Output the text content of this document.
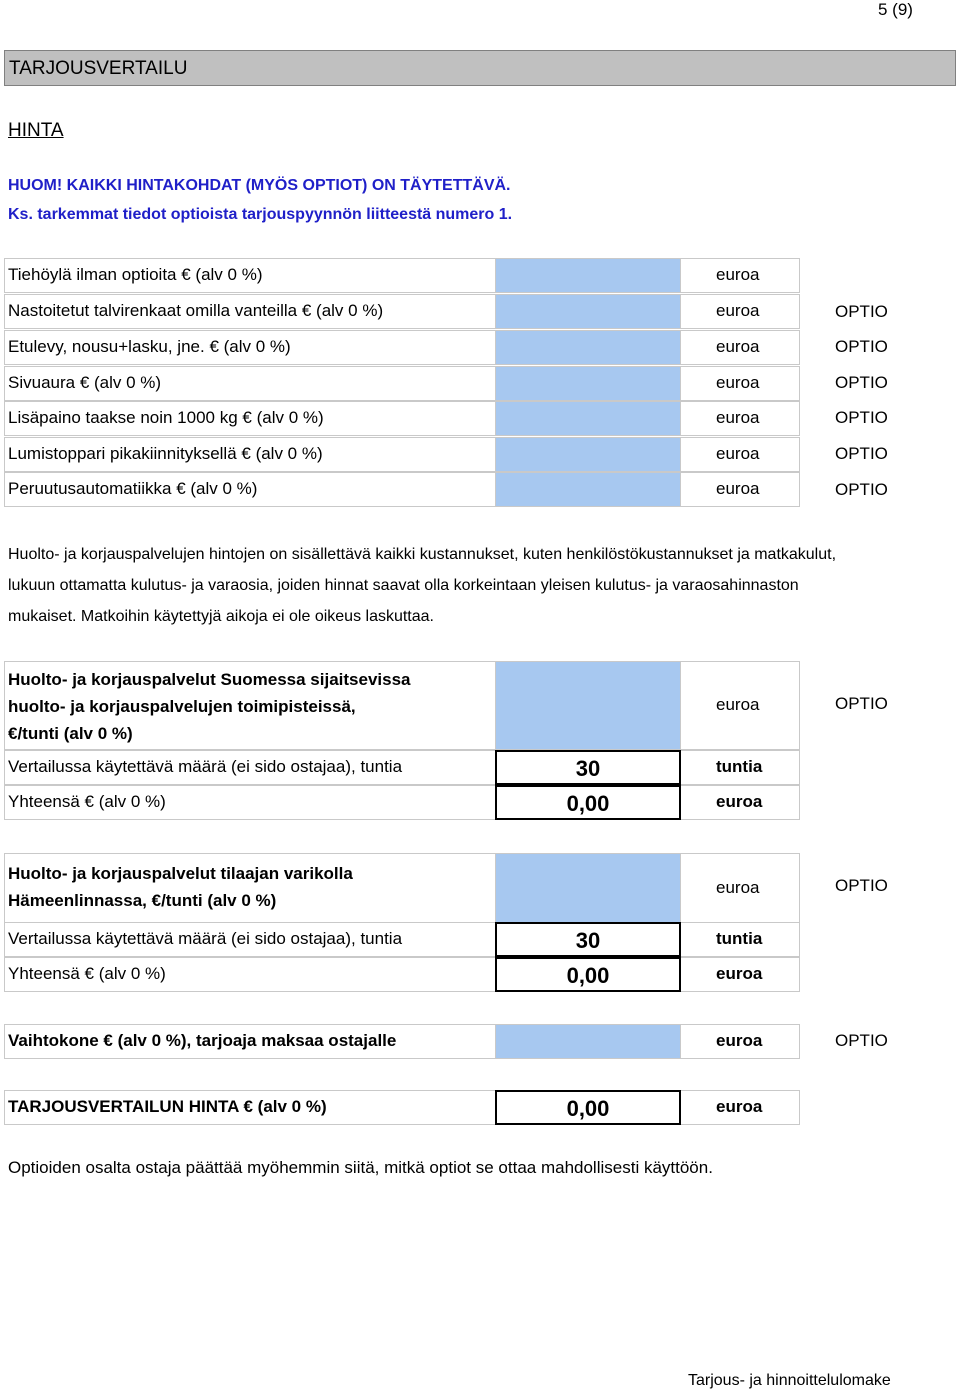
5 (9)
TARJOUSVERTAILU
HINTA
HUOM! KAIKKI HINTAKOHDAT (MYÖS OPTIOT) ON TÄYTETTÄVÄ.
Ks. tarkemmat tiedot optioista tarjouspyynnön liitteestä numero 1.
Tiehöylä ilman optioita € (alv 0 %)	euroa
Nastoitetut talvirenkaat omilla vanteilla € (alv 0 %)	euroa	OPTIO
Etulevy, nousu+lasku, jne. € (alv 0 %)	euroa	OPTIO
Sivuaura € (alv 0 %)	euroa	OPTIO
Lisäpaino taakse noin 1000 kg € (alv 0 %)	euroa	OPTIO
Lumistoppari pikakiinnityksellä € (alv 0 %)	euroa	OPTIO
Peruutusautomatiikka € (alv 0 %)	euroa	OPTIO
Huolto- ja korjauspalvelujen hintojen on sisällettävä kaikki kustannukset, kuten henkilöstökustannukset ja matkakulut,
lukuun ottamatta kulutus- ja varaosia, joiden hinnat saavat olla korkeintaan yleisen kulutus- ja varaosahinnaston
mukaiset. Matkoihin käytettyjä aikoja ei ole oikeus laskuttaa.
Huolto- ja korjauspalvelut Suomessa sijaitsevissa
huolto- ja korjauspalvelujen toimipisteissä,
€/tunti (alv 0 %)
euroa	OPTIO
Vertailussa käytettävä määrä (ei sido ostajaa), tuntia	30	tuntia
Yhteensä € (alv 0 %)	0,00	euroa
Huolto- ja korjauspalvelut tilaajan varikolla
Hämeenlinnassa, €/tunti (alv 0 %)
euroa	OPTIO
Vertailussa käytettävä määrä (ei sido ostajaa), tuntia	30	tuntia
Yhteensä € (alv 0 %)	0,00	euroa
Vaihtokone € (alv 0 %), tarjoaja maksaa ostajalle	euroa	OPTIO
TARJOUSVERTAILUN HINTA € (alv 0 %)	0,00	euroa
Optioiden osalta ostaja päättää myöhemmin siitä, mitkä optiot se ottaa mahdollisesti käyttöön.
Tarjous- ja hinnoittelulomake
